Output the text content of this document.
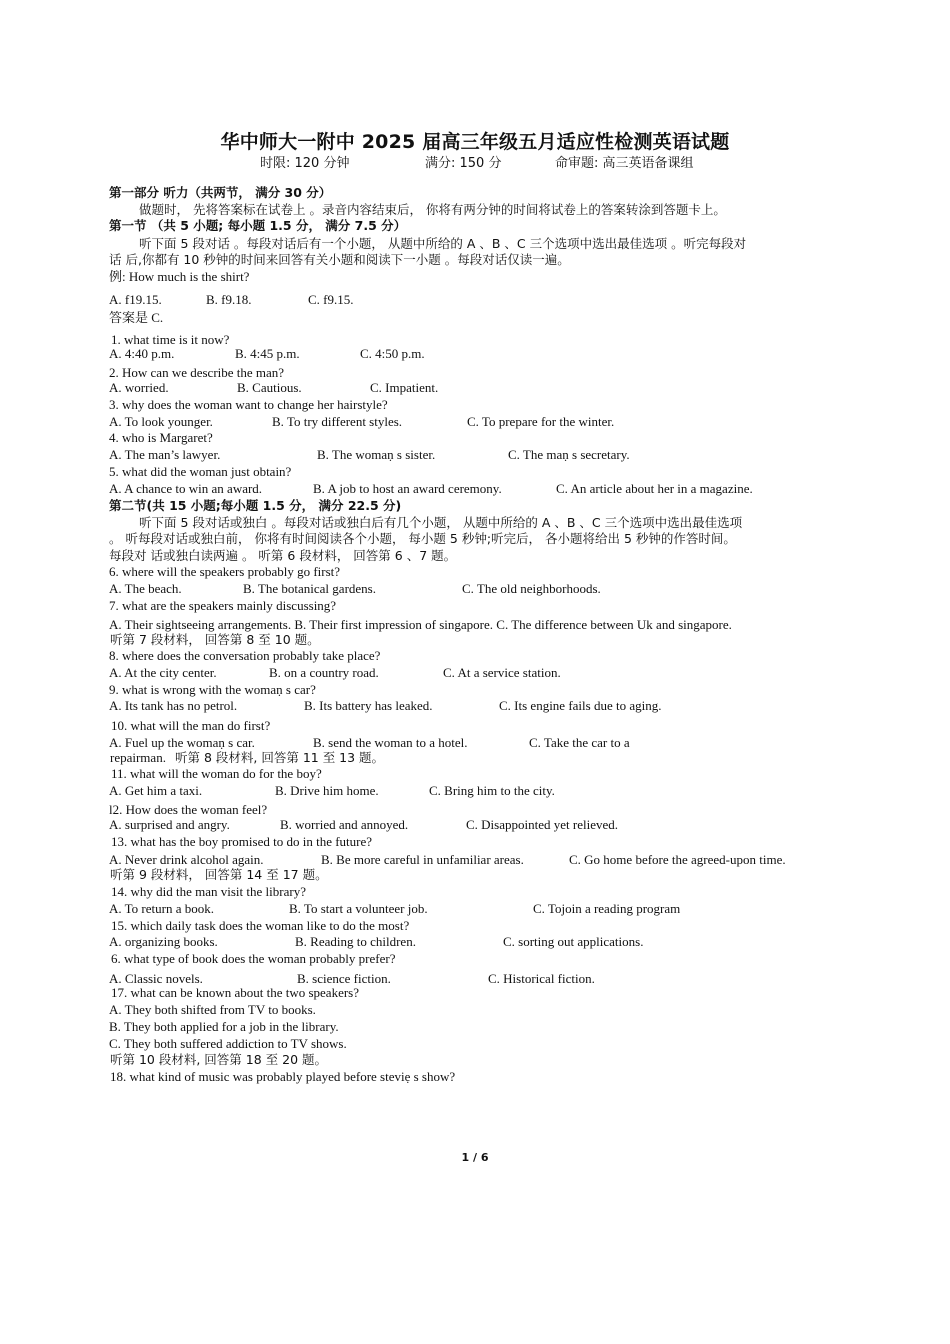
华中师大一附中 2025 届高三年级五月适应性检测英语试题
时限: 120 分钟	满分: 150 分	命审题: 高三英语备课组
第一部分 听力（共两节， 满分 30 分）
做题时， 先将答案标在试卷上 。录音内容结束后， 你将有两分钟的时间将试卷上的答案转涂到答题卡上。
第一节 （共 5 小题; 每小题 1.5 分， 满分 7.5 分）
听下面 5 段对话 。每段对话后有一个小题， 从题中所给的 A 、B 、C 三个选项中选出最佳选项 。听完每段对
话 后,你都有 10 秒钟的时间来回答有关小题和阅读下一小题 。每段对话仅读一遍。
例: How much is the shirt?
A. f19.15.	B. f9.18.	C. f9.15.
答案是 C.
1. what time is it now?
A. 4:40 p.m.	B. 4:45 p.m.	C. 4:50 p.m.
2. How can we describe the man?
A. worried.	B. Cautious.	C. Impatient.
3. why does the woman want to change her hairstyle?
A. To look younger.	B. To try different styles.	C. To prepare for the winter.
4. who is Margaret?
A. The man’s lawyer.	B. The womaṇ s sister.	C. The maṇ s secretary.
5. what did the woman just obtain?
A. A chance to win an award.	B. A job to host an award ceremony.	C. An article about her in a magazine.
第二节(共 15 小题;每小题 1.5 分， 满分 22.5 分)
听下面 5 段对话或独白 。每段对话或独白后有几个小题， 从题中所给的 A 、B 、C 三个选项中选出最佳选项
。 听每段对话或独白前， 你将有时间阅读各个小题， 每小题 5 秒钟;听完后， 各小题将给出 5 秒钟的作答时间。
每段对 话或独白读两遍 。 听第 6 段材料， 回答第 6 、7 题。
6. where will the speakers probably go first?
A. The beach.	B. The botanical gardens.	C. The old neighborhoods.
7. what are the speakers mainly discussing?
A. Their sightseeing arrangements. B. Their first impression of singapore. C. The difference between Uk and singapore.
听第 7 段材料， 回答第 8 至 10 题。
8. where does the conversation probably take place?
A. At the city center.	B. on a country road.	C. At a service station.
9. what is wrong with the womaṇ s car?
A. Its tank has no petrol.	B. Its battery has leaked.	C. Its engine fails due to aging.
10. what will the man do first?
A. Fuel up the womaṇ s car.	B. send the woman to a hotel.	C. Take the car to a
repairman. 听第 8 段材料, 回答第 11 至 13 题。
11. what will the woman do for the boy?
A. Get him a taxi.	B. Drive him home.	C. Bring him to the city.
l2. How does the woman feel?
A. surprised and angry.	B. worried and annoyed.	C. Disappointed yet relieved.
13. what has the boy promised to do in the future?
A. Never drink alcohol again.	B. Be more careful in unfamiliar areas.	C. Go home before the agreed-upon time.
听第 9 段材料， 回答第 14 至 17 题。
14. why did the man visit the library?
A. To return a book.	B. To start a volunteer job.	C. Tojoin a reading program
15. which daily task does the woman like to do the most?
A. organizing books.	B. Reading to children.	C. sorting out applications.
6. what type of book does the woman probably prefer?
A. Classic novels.	B. science fiction.	C. Historical fiction.
17. what can be known about the two speakers?
A. They both shifted from TV to books.
B. They both applied for a job in the library.
C. They both suffered addiction to TV shows.
听第 10 段材料, 回答第 18 至 20 题。
18. what kind of music was probably played before steviẹ s show?
1 / 6
